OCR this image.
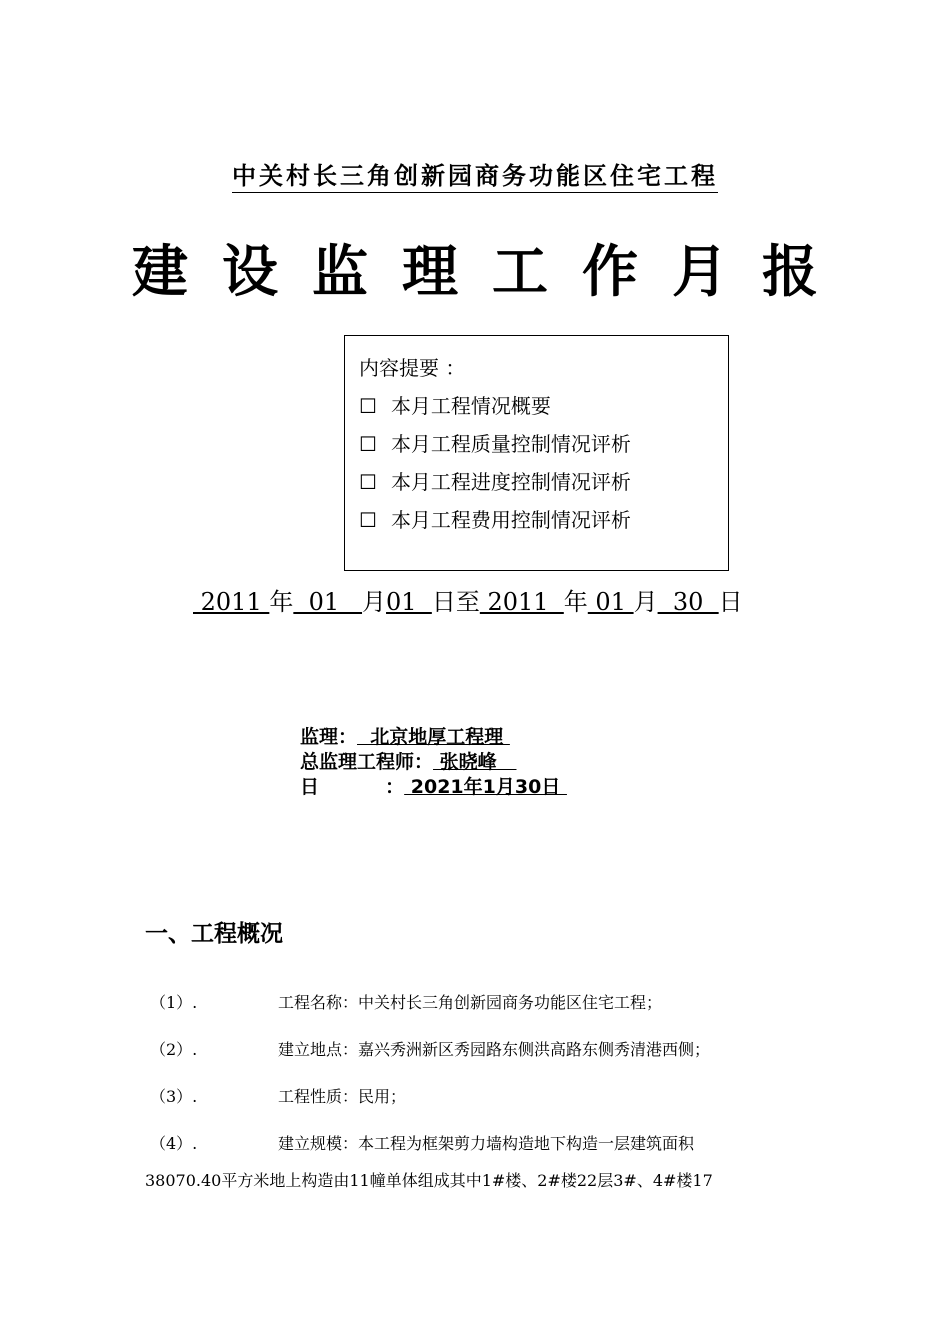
中关村长三角创新园商务功能区住宅工程
建设监理工作月报
内容提要 ：
☐ 本月工程情况概要
☐ 本月工程质量控制情况评析
☐ 本月工程进度控制情况评析
☐ 本月工程费用控制情况评析
2011 年  01   月01  日至 2011  年 01 月  30  日
监理：  北京地厚工程理
总监理工程师： 张晓峰
日          ： 2021年1月30日
一、工程概况
（1）.	工程名称：中关村长三角创新园商务功能区住宅工程；
（2）.	建立地点：嘉兴秀洲新区秀园路东侧洪高路东侧秀清港西侧；
（3）.	工程性质：民用；
（4）.	建立规模：本工程为框架剪力墙构造地下构造一层建筑面积
38070.40平方米地上构造由11幢单体组成其中1#楼、2#楼22层3#、4#楼17
